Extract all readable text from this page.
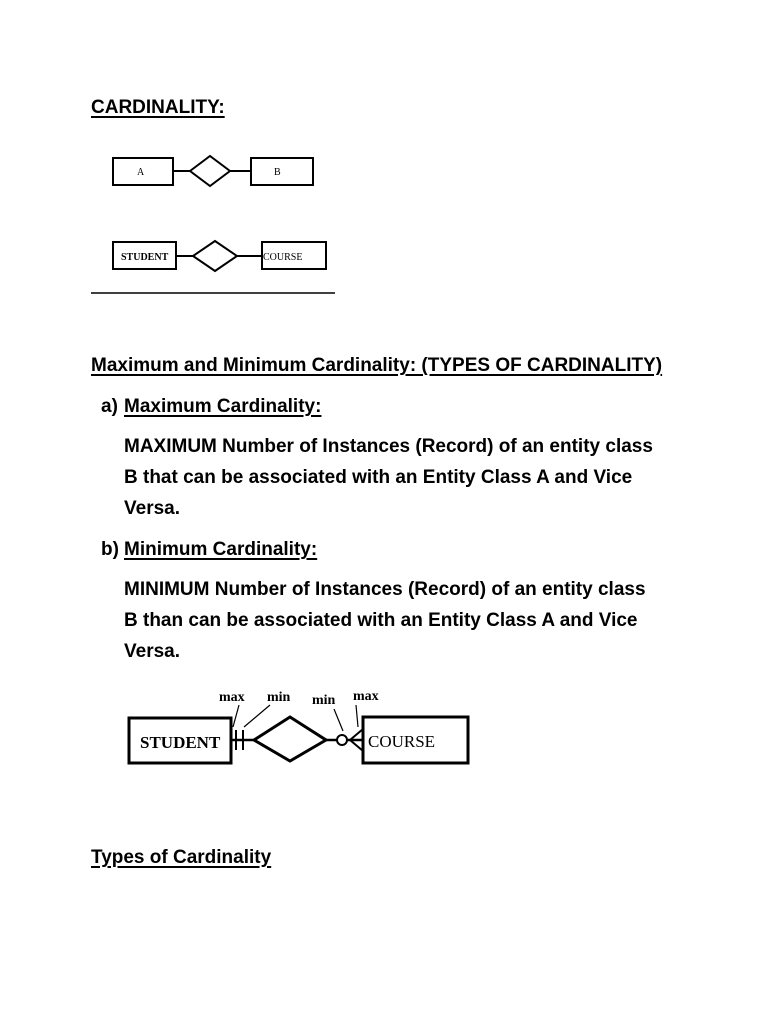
CARDINALITY:
A	B
STUDENT	COURSE
STUDENT	COURSE
max min min max
Maximum and Minimum Cardinality: (TYPES OF CARDINALITY)
a) Maximum Cardinality:
MAXIMUM Number of Instances (Record) of an entity class
B that can be associated with an Entity Class A and Vice
Versa.
b) Minimum Cardinality:
MINIMUM Number of Instances (Record) of an entity class
B than can be associated with an Entity Class A and Vice
Versa.
Types of Cardinality
